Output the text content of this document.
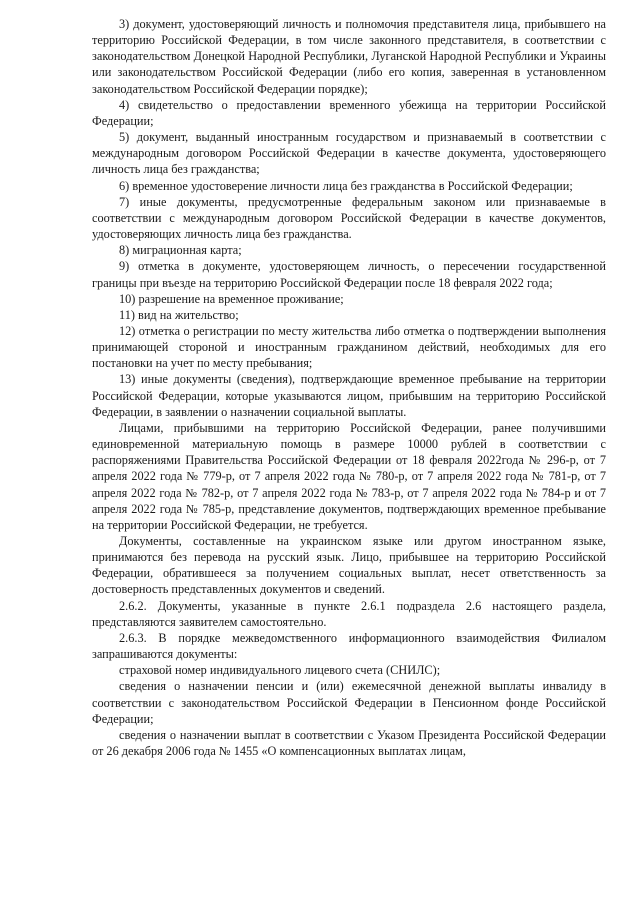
3) документ, удостоверяющий личность и полномочия представителя лица, прибывшего на территорию Российской Федерации, в том числе законного представителя, в соответствии с законодательством Донецкой Народной Республики, Луганской Народной Республики и Украины или законодательством Российской Федерации (либо его копия, заверенная в установленном законодательством Российской Федерации порядке);

4) свидетельство о предоставлении временного убежища на территории Российской Федерации;

5) документ, выданный иностранным государством и признаваемый в соответствии с международным договором Российской Федерации в качестве документа, удостоверяющего личность лица без гражданства;

6) временное удостоверение личности лица без гражданства в Российской Федерации;

7) иные документы, предусмотренные федеральным законом или признаваемые в соответствии с международным договором Российской Федерации в качестве документов, удостоверяющих личность лица без гражданства.

8) миграционная карта;

9) отметка в документе, удостоверяющем личность, о пересечении государственной границы при въезде на территорию Российской Федерации после 18 февраля 2022 года;

10) разрешение на временное проживание;

11) вид на жительство;

12) отметка о регистрации по месту жительства либо отметка о подтверждении выполнения принимающей стороной и иностранным гражданином действий, необходимых для его постановки на учет по месту пребывания;

13) иные документы (сведения), подтверждающие временное пребывание на территории Российской Федерации, которые указываются лицом, прибывшим на территорию Российской Федерации, в заявлении о назначении социальной выплаты.

Лицами, прибывшими на территорию Российской Федерации, ранее получившими единовременной материальную помощь в размере 10000 рублей в соответствии с распоряжениями Правительства Российской Федерации от 18 февраля 2022года № 296-р, от 7 апреля 2022 года № 779-р, от 7 апреля 2022 года № 780-р, от 7 апреля 2022 года № 781-р, от 7 апреля 2022 года № 782-р, от 7 апреля 2022 года № 783-р, от 7 апреля 2022 года № 784-р и от 7 апреля 2022 года № 785-р, представление документов, подтверждающих временное пребывание на территории Российской Федерации, не требуется.

Документы, составленные на украинском языке или другом иностранном языке, принимаются без перевода на русский язык. Лицо, прибывшее на территорию Российской Федерации, обратившееся за получением социальных выплат, несет ответственность за достоверность представленных документов и сведений.

2.6.2. Документы, указанные в пункте 2.6.1 подраздела 2.6 настоящего раздела, представляются заявителем самостоятельно.

2.6.3. В порядке межведомственного информационного взаимодействия Филиалом запрашиваются документы:

страховой номер индивидуального лицевого счета (СНИЛС);

сведения о назначении пенсии и (или) ежемесячной денежной выплаты инвалиду в соответствии с законодательством Российской Федерации в Пенсионном фонде Российской Федерации;

сведения о назначении выплат в соответствии с Указом Президента Российской Федерации от 26 декабря 2006 года № 1455 «О компенсационных выплатах лицам,
